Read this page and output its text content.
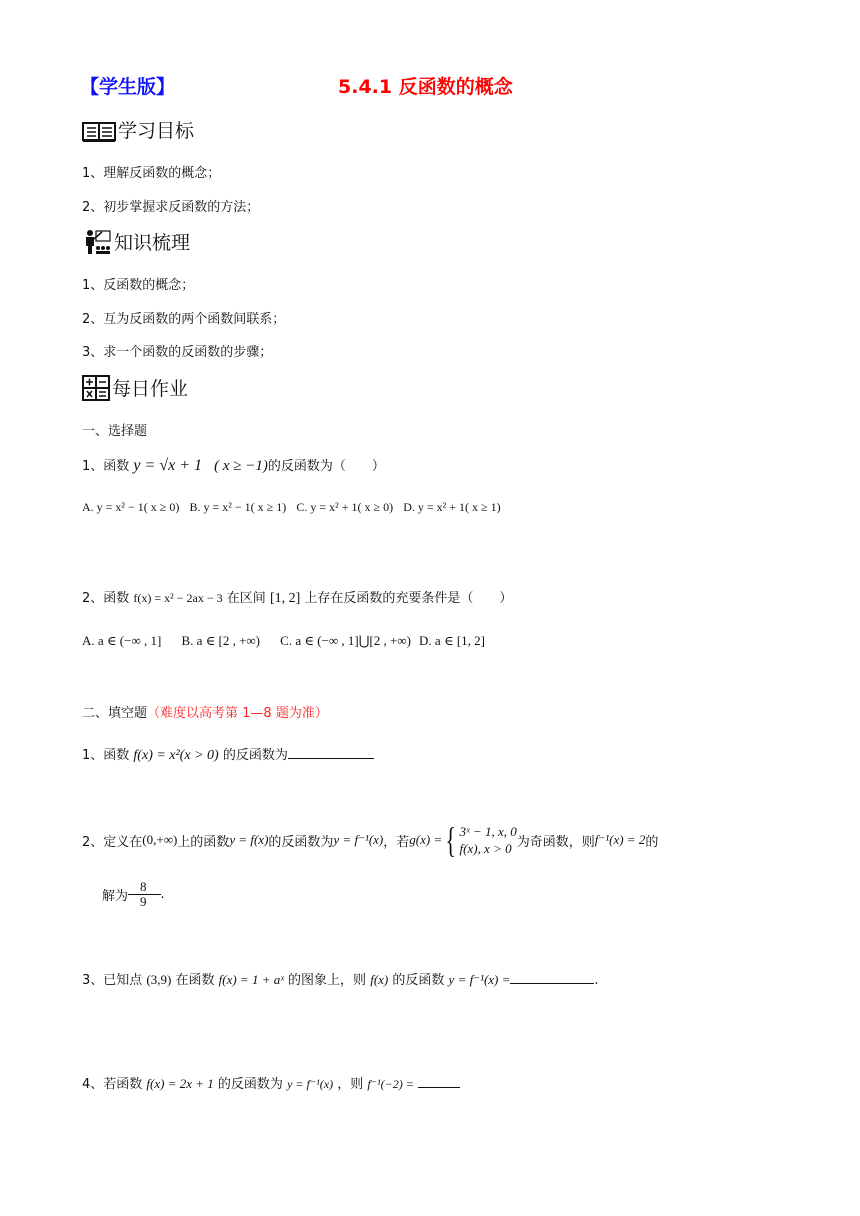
【学生版】	5.4.1 反函数的概念
学习目标
1、理解反函数的概念；
2、初步掌握求反函数的方法；
知识梳理
1、反函数的概念；
2、互为反函数的两个函数间联系；
3、求一个函数的反函数的步骤；
每日作业
一、选择题
1、函数 y = √x + 1 ( x ≥ −1)的反函数为（　　）
A. y = x² − 1( x ≥ 0) B. y = x² − 1( x ≥ 1) C. y = x² + 1( x ≥ 0) D. y = x² + 1( x ≥ 1)
2、函数 f(x) = x² − 2ax − 3 在区间 [1, 2] 上存在反函数的充要条件是（　　）
A. a ∈ (−∞ , 1] B. a ∈ [2 , +∞) C. a ∈ (−∞ , 1]⋃[2 , +∞) D. a ∈ [1, 2]
二、填空题（难度以高考第 1—8 题为准）
1、函数 f(x) = x²(x > 0) 的反函数为
2、定义在 (0,+∞) 上的函数 y = f(x) 的反函数为 y = f⁻¹(x) ，若 g(x) = { 3ˣ − 1, x, 0
f(x), x > 0 为奇函数，则 f⁻¹(x) = 2 的
解为 $\frac{8}{9}$ .
3、已知点 (3,9) 在函数 f(x) = 1 + aˣ 的图象上，则 f(x) 的反函数 y = f⁻¹(x) =	.
4、若函数 f(x) = 2x + 1 的反函数为 y = f⁻¹(x) ，则 f⁻¹(−2) =
